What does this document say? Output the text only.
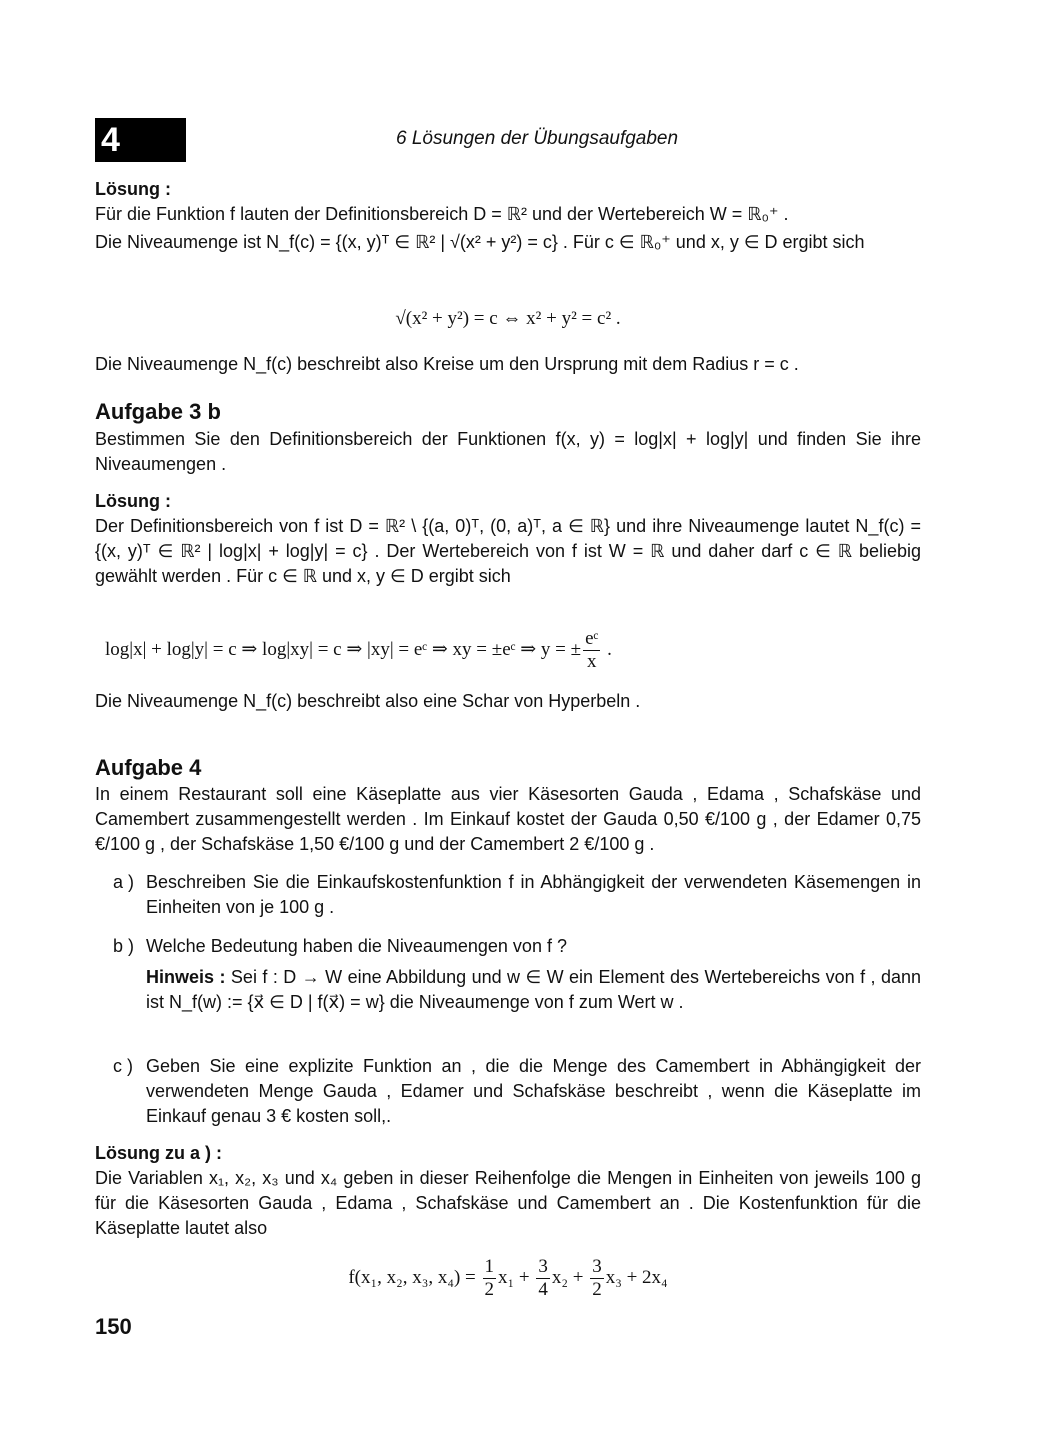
4	6 Lösungen der Übungsaufgaben
Lösung :
Für die Funktion f lauten der Definitionsbereich D = ℝ² und der Wertebereich W = ℝ₀⁺ .
Die Niveaumenge ist N_f(c) = {(x, y)ᵀ ∈ ℝ² | √(x² + y²) = c} . Für c ∈ ℝ₀⁺ und x, y ∈ D ergibt sich
√(x² + y²) = c ⇔ x² + y² = c² .
Die Niveaumenge N_f(c) beschreibt also Kreise um den Ursprung mit dem Radius r = c .
Aufgabe 3 b
Bestimmen Sie den Definitionsbereich der Funktionen f(x, y) = log|x| + log|y| und finden Sie ihre Niveaumengen .
Lösung :
Der Definitionsbereich von f ist D = ℝ² \ {(a, 0)ᵀ, (0, a)ᵀ, a ∈ ℝ} und ihre Niveaumenge lautet N_f(c) = {(x, y)ᵀ ∈ ℝ² | log|x| + log|y| = c} . Der Wertebereich von f ist W = ℝ und daher darf c ∈ ℝ beliebig gewählt werden . Für c ∈ ℝ und x, y ∈ D ergibt sich
log|x| + log|y| = c ⇒ log|xy| = c ⇒ |xy| = eᶜ ⇒ xy = ±eᶜ ⇒ y = ± $\frac{\text{eᶜ}}{x}$ .
Die Niveaumenge N_f(c) beschreibt also eine Schar von Hyperbeln .
Aufgabe 4
In einem Restaurant soll eine Käseplatte aus vier Käsesorten Gauda , Edama , Schafskäse und Camembert zusammengestellt werden . Im Einkauf kostet der Gauda 0,50 €/100 g , der Edamer 0,75 €/100 g , der Schafskäse 1,50 €/100 g und der Camembert 2 €/100 g .
a ) Beschreiben Sie die Einkaufskostenfunktion f in Abhängigkeit der verwendeten Käsemengen in Einheiten von je 100 g .
b ) Welche Bedeutung haben die Niveaumengen von f ?
Hinweis : Sei f : D → W eine Abbildung und w ∈ W ein Element des Wertebereichs von f , dann ist N_f(w) := {x⃗ ∈ D | f(x⃗) = w} die Niveaumenge von f zum Wert w .
c ) Geben Sie eine explizite Funktion an , die die Menge des Camembert in Abhängigkeit der verwendeten Menge Gauda , Edamer und Schafskäse beschreibt , wenn die Käseplatte im Einkauf genau 3 € kosten soll,.
Lösung zu a ) :
Die Variablen x₁, x₂, x₃ und x₄ geben in dieser Reihenfolge die Mengen in Einheiten von jeweils 100 g für die Käsesorten Gauda , Edama , Schafskäse und Camembert an . Die Kostenfunktion für die Käseplatte lautet also
f(x₁, x₂, x₃, $x_4) = \frac{1}{2} x_1 + \frac{3}{4} x_2 + \frac{3}{2} x_3 + 2x_4$
150
